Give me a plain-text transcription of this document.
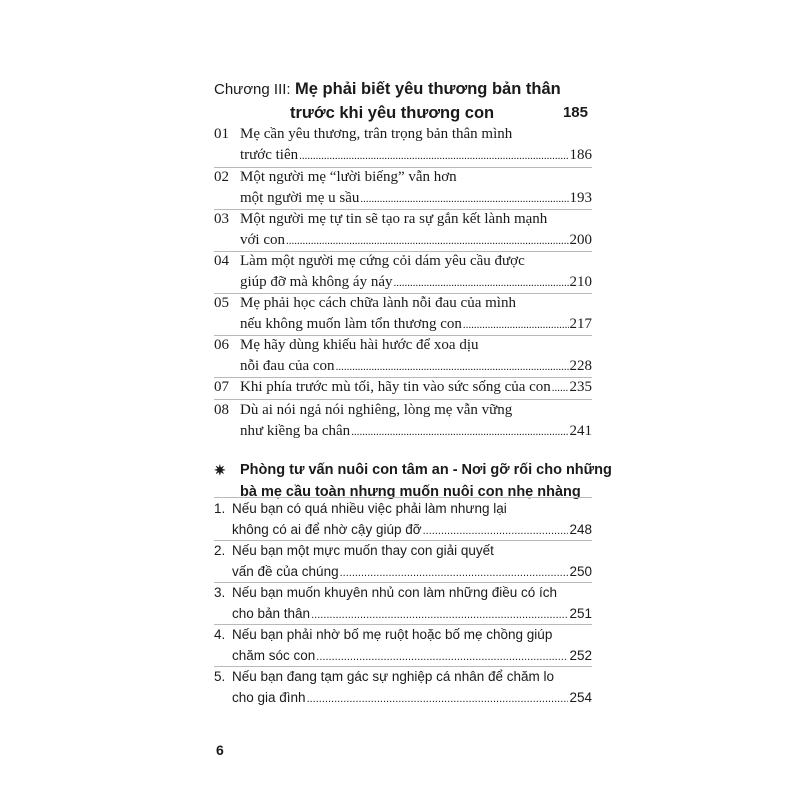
Chương III: Mẹ phải biết yêu thương bản thân
trước khi yêu thương con	185
01 Mẹ cần yêu thương, trân trọng bản thân mình
trước tiên .....	186
02 Một người mẹ “lười biếng” vẫn hơn
một người mẹ u sầu .....	193
03 Một người mẹ tự tin sẽ tạo ra sự gắn kết lành mạnh
với con .....	200
04 Làm một người mẹ cứng cỏi dám yêu cầu được
giúp đỡ mà không áy náy .....	210
05 Mẹ phải học cách chữa lành nỗi đau của mình
nếu không muốn làm tổn thương con .....	217
06 Mẹ hãy dùng khiếu hài hước để xoa dịu
nỗi đau của con .....	228
07 Khi phía trước mù tối, hãy tin vào sức sống của con ..... 235
08 Dù ai nói ngả nói nghiêng, lòng mẹ vẫn vững
như kiềng ba chân .....	241
✷ Phòng tư vấn nuôi con tâm an - Nơi gỡ rối cho những
bà mẹ cầu toàn nhưng muốn nuôi con nhẹ nhàng
1. Nếu bạn có quá nhiều việc phải làm nhưng lại
không có ai để nhờ cậy giúp đỡ .....	248
2. Nếu bạn một mực muốn thay con giải quyết
vấn đề của chúng .....	250
3. Nếu bạn muốn khuyên nhủ con làm những điều có ích
cho bản thân .....	251
4. Nếu bạn phải nhờ bố mẹ ruột hoặc bố mẹ chồng giúp
chăm sóc con .....	252
5. Nếu bạn đang tạm gác sự nghiệp cá nhân để chăm lo
cho gia đình .....	254
6
